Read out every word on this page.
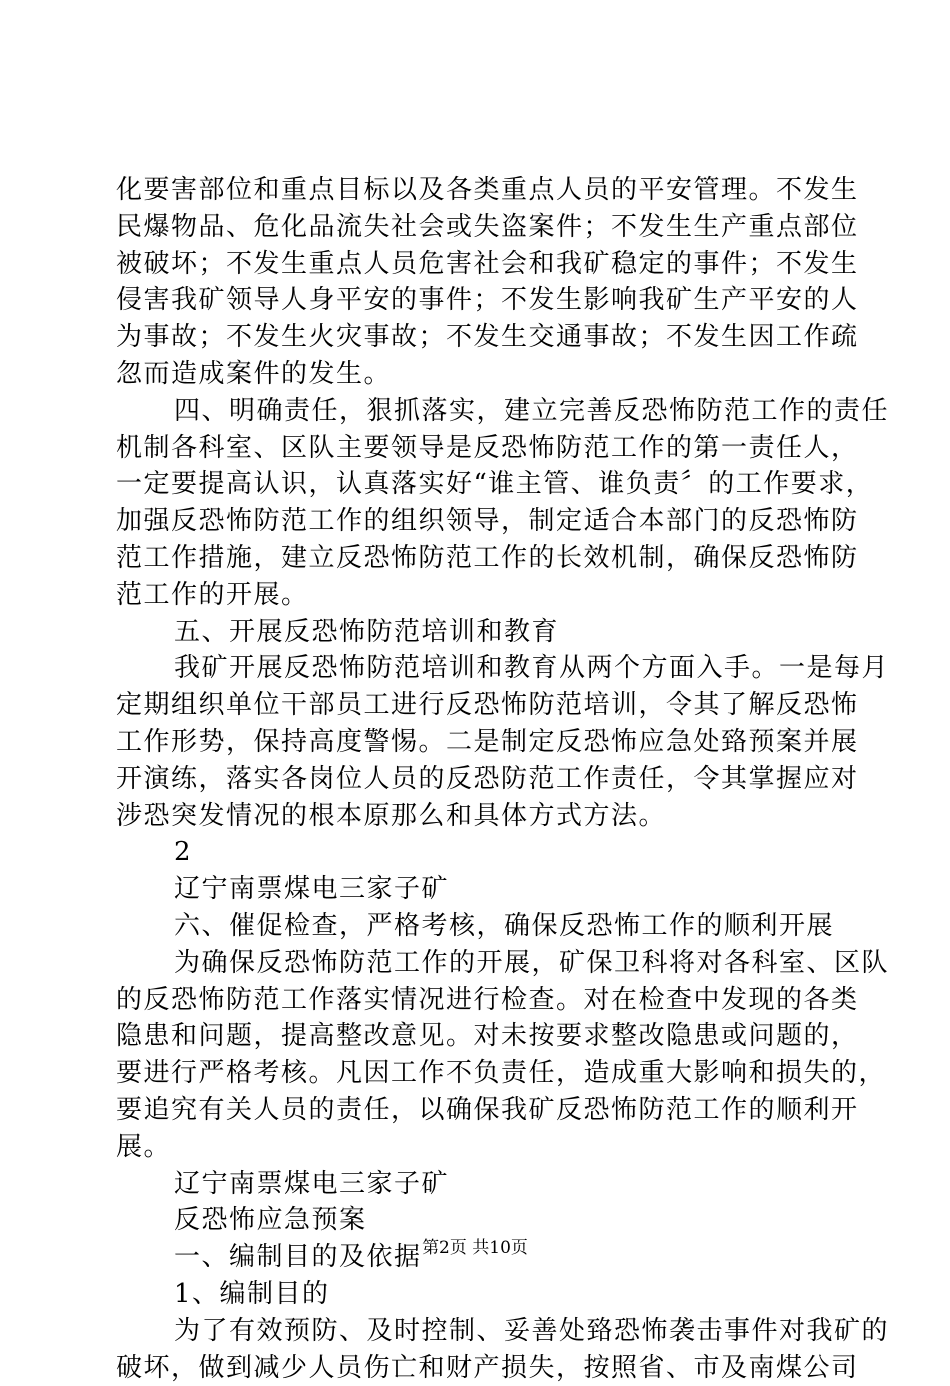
化要害部位和重点目标以及各类重点人员的平安管理。不发生
民爆物品、危化品流失社会或失盗案件；不发生生产重点部位
被破坏；不发生重点人员危害社会和我矿稳定的事件；不发生
侵害我矿领导人身平安的事件；不发生影响我矿生产平安的人
为事故；不发生火灾事故；不发生交通事故；不发生因工作疏
忽而造成案件的发生。
四、明确责任，狠抓落实，建立完善反恐怖防范工作的责任
机制各科室、区队主要领导是反恐怖防范工作的第一责任人，
一定要提高认识，认真落实好“谁主管、谁负责〞的工作要求，
加强反恐怖防范工作的组织领导，制定适合本部门的反恐怖防
范工作措施，建立反恐怖防范工作的长效机制，确保反恐怖防
范工作的开展。
五、开展反恐怖防范培训和教育
我矿开展反恐怖防范培训和教育从两个方面入手。一是每月
定期组织单位干部员工进行反恐怖防范培训，令其了解反恐怖
工作形势，保持高度警惕。二是制定反恐怖应急处臵预案并展
开演练，落实各岗位人员的反恐防范工作责任，令其掌握应对
涉恐突发情况的根本原那么和具体方式方法。
2
辽宁南票煤电三家子矿
六、催促检查，严格考核，确保反恐怖工作的顺利开展
为确保反恐怖防范工作的开展，矿保卫科将对各科室、区队
的反恐怖防范工作落实情况进行检查。对在检查中发现的各类
隐患和问题，提高整改意见。对未按要求整改隐患或问题的，
要进行严格考核。凡因工作不负责任，造成重大影响和损失的，
要追究有关人员的责任，以确保我矿反恐怖防范工作的顺利开
展。
辽宁南票煤电三家子矿
反恐怖应急预案
一、编制目的及依据
1、编制目的
为了有效预防、及时控制、妥善处臵恐怖袭击事件对我矿的
破坏，做到减少人员伤亡和财产损失，按照省、市及南煤公司
第2页 共10页
